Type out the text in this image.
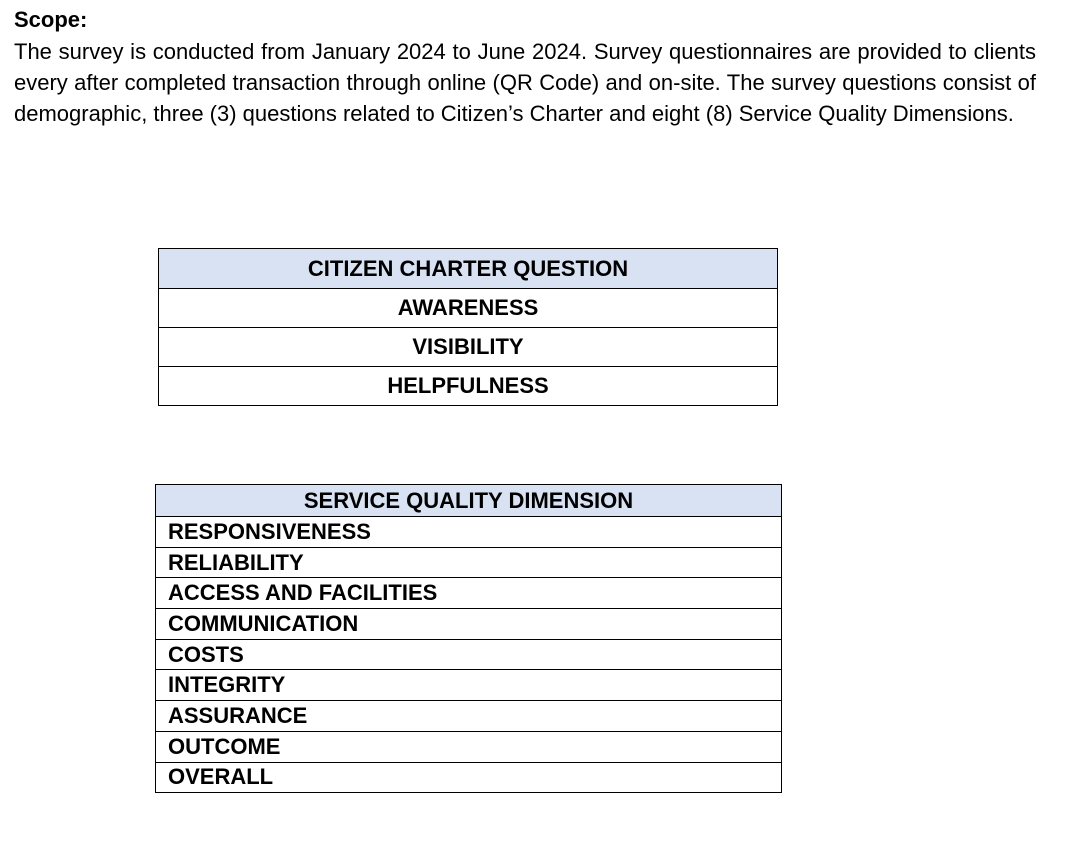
Scope:

The survey is conducted from January 2024 to June 2024. Survey questionnaires are provided to clients every after completed transaction through online (QR Code) and on-site. The survey questions consist of demographic, three (3) questions related to Citizen’s Charter and eight (8) Service Quality Dimensions.

CITIZEN CHARTER QUESTION
AWARENESS
VISIBILITY
HELPFULNESS
SERVICE QUALITY DIMENSION
RESPONSIVENESS
RELIABILITY
ACCESS AND FACILITIES
COMMUNICATION
COSTS
INTEGRITY
ASSURANCE
OUTCOME
OVERALL
